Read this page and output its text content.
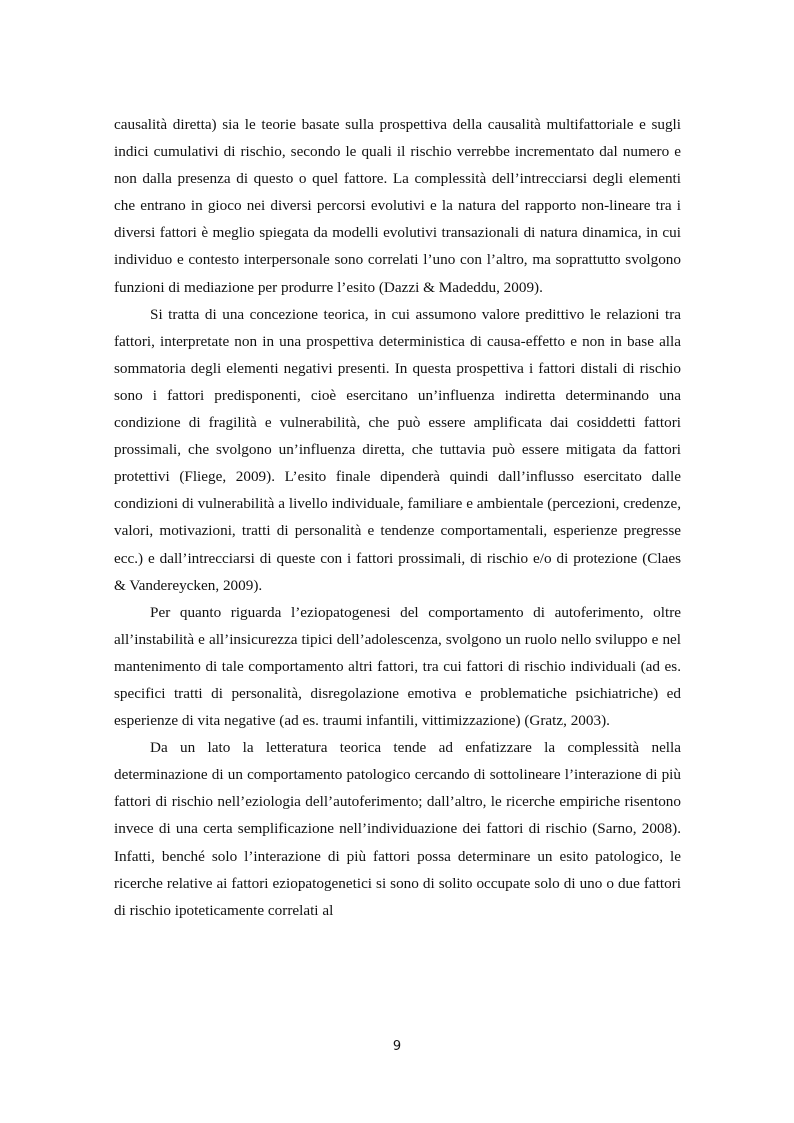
causalità diretta) sia le teorie basate sulla prospettiva della causalità multifattoriale e sugli indici cumulativi di rischio, secondo le quali il rischio verrebbe incrementato dal numero e non dalla presenza di questo o quel fattore. La complessità dell’intrecciarsi degli elementi che entrano in gioco nei diversi percorsi evolutivi e la natura del rapporto non-lineare tra i diversi fattori è meglio spiegata da modelli evolutivi transazionali di natura dinamica, in cui individuo e contesto interpersonale sono correlati l’uno con l’altro, ma soprattutto svolgono funzioni di mediazione per produrre l’esito (Dazzi & Madeddu, 2009).

Si tratta di una concezione teorica, in cui assumono valore predittivo le relazioni tra fattori, interpretate non in una prospettiva deterministica di causa-effetto e non in base alla sommatoria degli elementi negativi presenti. In questa prospettiva i fattori distali di rischio sono i fattori predisponenti, cioè esercitano un’influenza indiretta determinando una condizione di fragilità e vulnerabilità, che può essere amplificata dai cosiddetti fattori prossimali, che svolgono un’influenza diretta, che tuttavia può essere mitigata da fattori protettivi (Fliege, 2009). L’esito finale dipenderà quindi dall’influsso esercitato dalle condizioni di vulnerabilità a livello individuale, familiare e ambientale (percezioni, credenze, valori, motivazioni, tratti di personalità e tendenze comportamentali, esperienze pregresse ecc.) e dall’intrecciarsi di queste con i fattori prossimali, di rischio e/o di protezione (Claes & Vandereycken, 2009).

Per quanto riguarda l’eziopatogenesi del comportamento di autoferimento, oltre all’instabilità e all’insicurezza tipici dell’adolescenza, svolgono un ruolo nello sviluppo e nel mantenimento di tale comportamento altri fattori, tra cui fattori di rischio individuali (ad es. specifici tratti di personalità, disregolazione emotiva e problematiche psichiatriche) ed esperienze di vita negative (ad es. traumi infantili, vittimizzazione) (Gratz, 2003).

Da un lato la letteratura teorica tende ad enfatizzare la complessità nella determinazione di un comportamento patologico cercando di sottolineare l’interazione di più fattori di rischio nell’eziologia dell’autoferimento; dall’altro, le ricerche empiriche risentono invece di una certa semplificazione nell’individuazione dei fattori di rischio (Sarno, 2008). Infatti, benché solo l’interazione di più fattori possa determinare un esito patologico, le ricerche relative ai fattori eziopatogenetici si sono di solito occupate solo di uno o due fattori di rischio ipoteticamente correlati al

9
